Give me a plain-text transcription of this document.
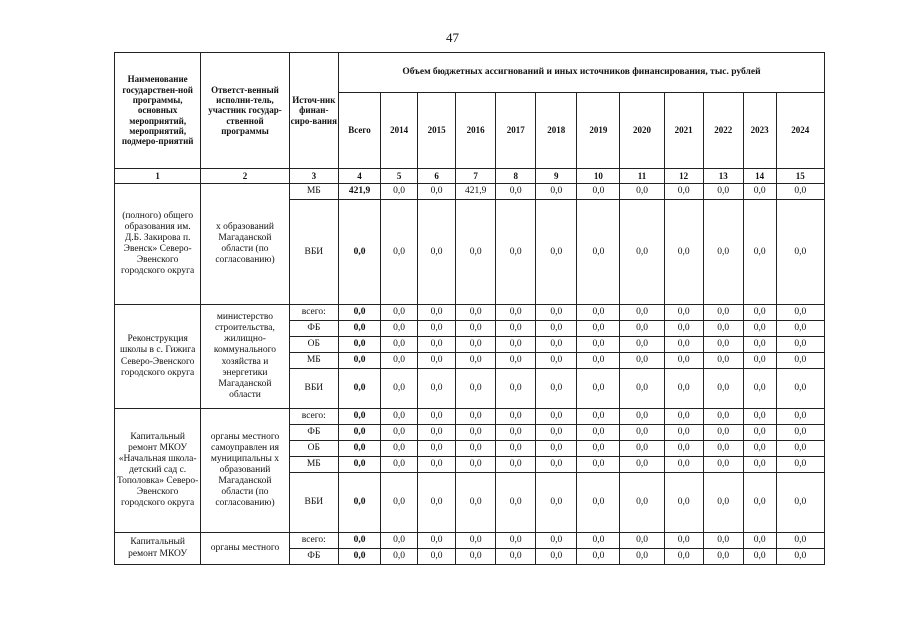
47
Наименование государствен-ной программы, основных мероприятий, мероприятий, подмеро-приятий	Ответст-венный исполни-тель, участник государ-ственной программы	Источ-ник финан-сиро-вания	Объем бюджетных ассигнований и иных источников финансирования, тыс. рублей											
			Всего	2014	2015	2016	2017	2018	2019	2020	2021	2022	2023	2024
1	2	3	4	5	6	7	8	9	10	11	12	13	14	15
(полного) общего образования им. Д.Б. Закирова п. Эвенск» Северо-Эвенского городского округа	х образований Магаданской области (по согласованию)	МБ	421,9	0,0	0,0	421,9	0,0	0,0	0,0	0,0	0,0	0,0	0,0	0,0
		ВБИ	0,0	0,0	0,0	0,0	0,0	0,0	0,0	0,0	0,0	0,0	0,0	0,0
Реконструкция школы в с. Гижига Северо-Эвенского городского округа	министерство строительства, жилищно-коммунального хозяйства и энергетики Магаданской области	всего:	0,0	0,0	0,0	0,0	0,0	0,0	0,0	0,0	0,0	0,0	0,0	0,0
		ФБ	0,0	0,0	0,0	0,0	0,0	0,0	0,0	0,0	0,0	0,0	0,0	0,0
		ОБ	0,0	0,0	0,0	0,0	0,0	0,0	0,0	0,0	0,0	0,0	0,0	0,0
		МБ	0,0	0,0	0,0	0,0	0,0	0,0	0,0	0,0	0,0	0,0	0,0	0,0
		ВБИ	0,0	0,0	0,0	0,0	0,0	0,0	0,0	0,0	0,0	0,0	0,0	0,0
Капитальный ремонт МКОУ «Начальная школа-детский сад с. Тополовка» Северо-Эвенского городского округа	органы местного самоуправлен ия муниципальны х образований Магаданской области (по согласованию)	всего:	0,0	0,0	0,0	0,0	0,0	0,0	0,0	0,0	0,0	0,0	0,0	0,0
		ФБ	0,0	0,0	0,0	0,0	0,0	0,0	0,0	0,0	0,0	0,0	0,0	0,0
		ОБ	0,0	0,0	0,0	0,0	0,0	0,0	0,0	0,0	0,0	0,0	0,0	0,0
		МБ	0,0	0,0	0,0	0,0	0,0	0,0	0,0	0,0	0,0	0,0	0,0	0,0
		ВБИ	0,0	0,0	0,0	0,0	0,0	0,0	0,0	0,0	0,0	0,0	0,0	0,0
Капитальный ремонт МКОУ	органы местного	всего:	0,0	0,0	0,0	0,0	0,0	0,0	0,0	0,0	0,0	0,0	0,0	0,0
		ФБ	0,0	0,0	0,0	0,0	0,0	0,0	0,0	0,0	0,0	0,0	0,0	0,0
